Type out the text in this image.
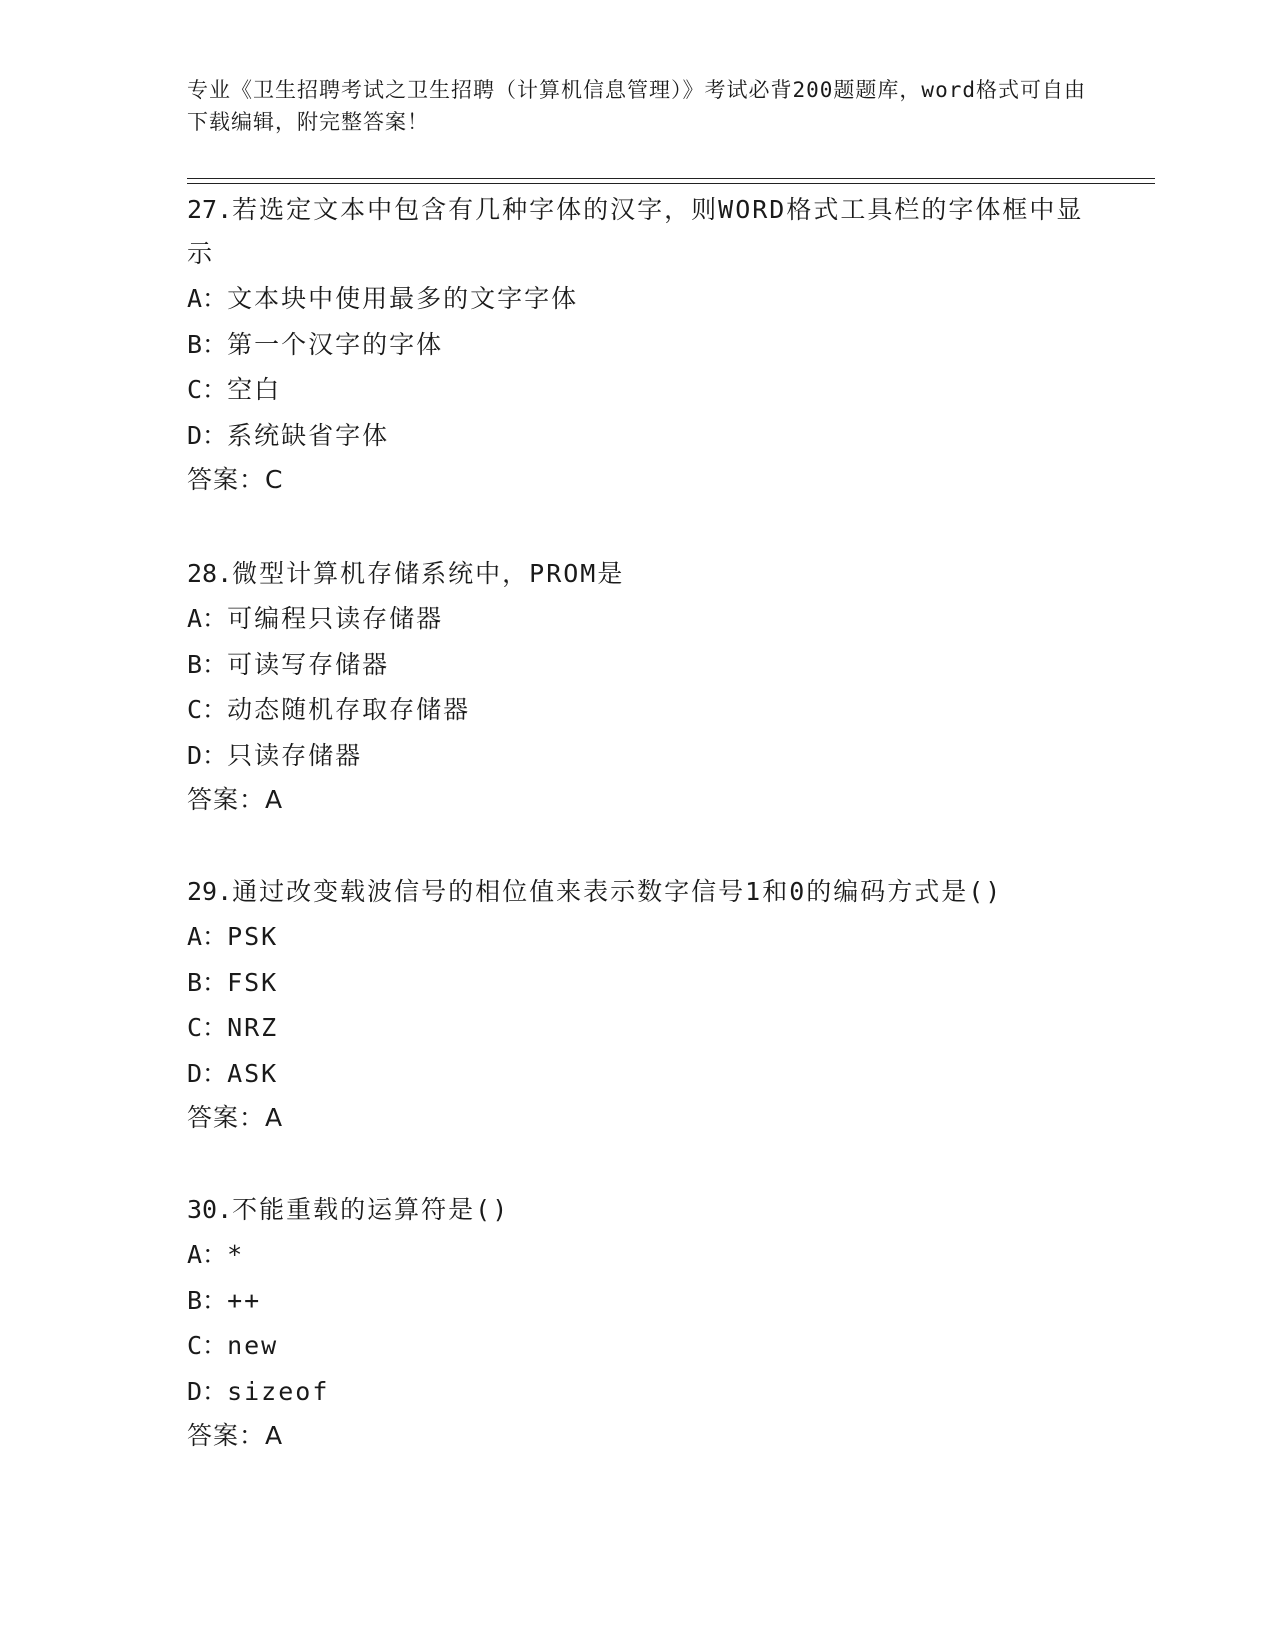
专业《卫生招聘考试之卫生招聘（计算机信息管理）》考试必背200题题库，word格式可自由下载编辑，附完整答案！
27.若选定文本中包含有几种字体的汉字，则WORD格式工具栏的字体框中显示
A：文本块中使用最多的文字字体
B：第一个汉字的字体
C：空白
D：系统缺省字体
答案：C
28.微型计算机存储系统中，PROM是
A：可编程只读存储器
B：可读写存储器
C：动态随机存取存储器
D：只读存储器
答案：A
29.通过改变载波信号的相位值来表示数字信号1和0的编码方式是()
A：PSK
B：FSK
C：NRZ
D：ASK
答案：A
30.不能重载的运算符是()
A：*
B：++
C：new
D：sizeof
答案：A
